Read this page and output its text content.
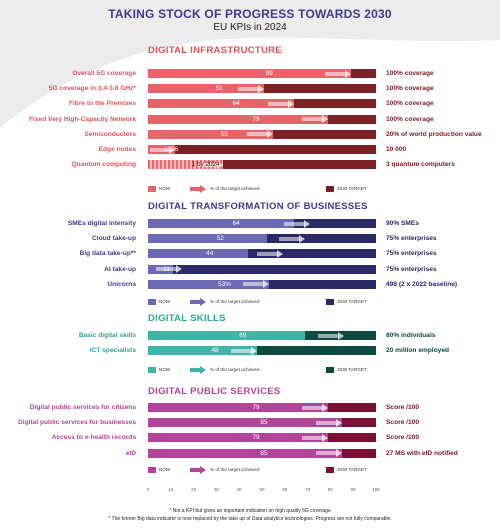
TAKING STOCK OF PROGRESS TOWARDS 2030
EU KPIs in 2024
DIGITAL INFRASTRUCTURE
Overall 5G coverage	89	100% coverage
5G coverage in 3.4-3.8 GHz*	51	100% coverage
Fibre to the Premises	64	100% coverage
Fixed Very High-Capacity Network	79	100% coverage
Semiconductors	55	20% of world production value
Edge nodes	1186	10 000
Quantum computing	1 by 2024	3 quantum computers
NOW	% of the target achieved	2030 TARGET
DIGITAL TRANSFORMATION OF BUSINESSES
SMEs digital intensity	64	90% SMEs
Cloud take-up	52	75% enterprises
Big data take-up**	44	75% enterprises
AI take-up	11	75% enterprises
Unicorns	53%	498 (2 x 2022 baseline)
NOW	% of the target achieved	2030 TARGET
DIGITAL SKILLS
Basic digital skills	69	80% individuals
ICT specialists	48	20 million employed
NOW	% of the target achieved	2030 TARGET
DIGITAL PUBLIC SERVICES
Digital public services for citizens	79	Score /100
Digital public services for businesses	85	Score /100
Access to e-health records	79	Score /100
eID	85	27 MS with eID notified
NOW	% of the target achieved	2030 TARGET
0	10	20	30	40	50	60	70	80	90	100
* Not a KPI but gives an important indication on high quality 5G coverage
* The former Big data indicator is now replaced by the take up of Data analytics technologies. Progress are not fully comparable.
